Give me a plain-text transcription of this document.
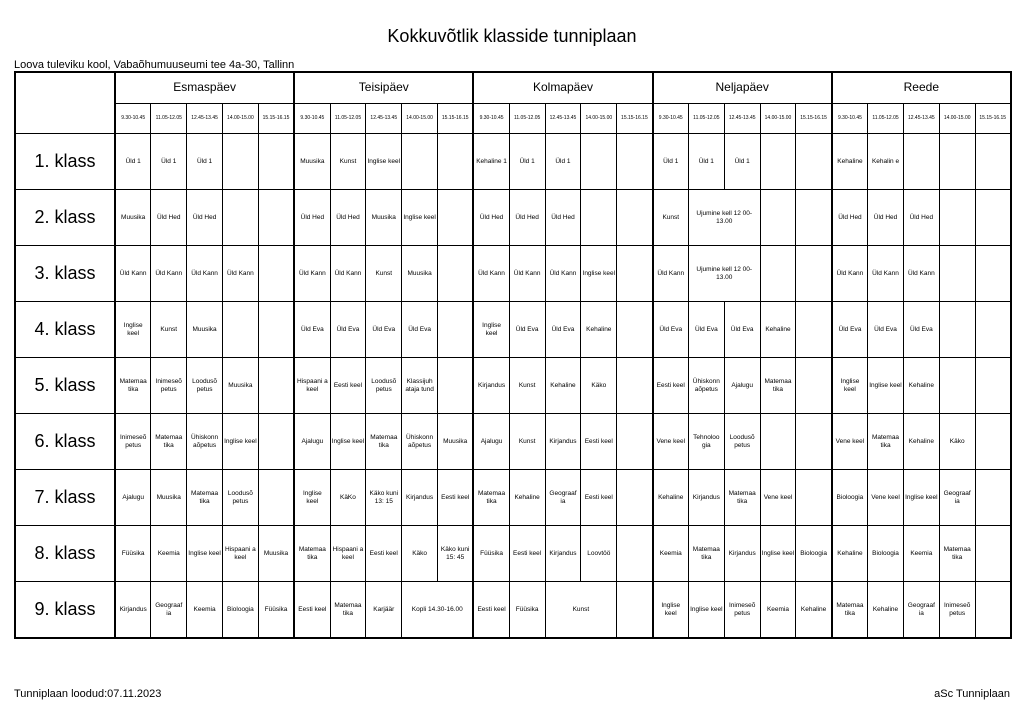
Kokkuvõtlik klasside tunniplaan
Loova tuleviku kool, Vabaõhumuuseumi tee 4a-30, Tallinn
	Esmaspäev					Teisipäev					Kolmapäev					Neljapäev					Reede				
	9.30-10.45	11.05-12.05	12.45-13.45	14.00-15.00	15.15-16.15	9.30-10.45	11.05-12.05	12.45-13.45	14.00-15.00	15.15-16.15	9.30-10.45	11.05-12.05	12.45-13.45	14.00-15.00	15.15-16.15	9.30-10.45	11.05-12.05	12.45-13.45	14.00-15.00	15.15-16.15	9.30-10.45	11.05-12.05	12.45-13.45	14.00-15.00	15.15-16.15
1. klass	Üld 1	Üld 1	Üld 1			Muusika	Kunst	Inglise keel			Kehaline 1	Üld 1	Üld 1			Üld 1	Üld 1	Üld 1			Kehaline	Kehalin e			
2. klass	Muusika	Üld Hed	Üld Hed			Üld Hed	Üld Hed	Muusika	Inglise keel		Üld Hed	Üld Hed	Üld Hed			Kunst	Ujumine kell 12 00-13.00				Üld Hed	Üld Hed	Üld Hed		
3. klass	Üld Kann	Üld Kann	Üld Kann	Üld Kann		Üld Kann	Üld Kann	Kunst	Muusika		Üld Kann	Üld Kann	Üld Kann	Inglise keel		Üld Kann	Ujumine kell 12 00-13.00				Üld Kann	Üld Kann	Üld Kann		
4. klass	Inglise keel	Kunst	Muusika			Üld Eva	Üld Eva	Üld Eva	Üld Eva		Inglise keel	Üld Eva	Üld Eva	Kehaline		Üld Eva	Üld Eva	Üld Eva	Kehaline		Üld Eva	Üld Eva	Üld Eva		
5. klass	Matemaa tika	Inimeseõ petus	Loodusõ petus	Muusika		Hispaani a keel	Eesti keel	Loodusõ petus	Klassijuh ataja tund		Kirjandus	Kunst	Kehaline	Käko		Eesti keel	Ühiskonn aõpetus	Ajalugu	Matemaa tika		Inglise keel	Inglise keel	Kehaline		
6. klass	Inimeseõ petus	Matemaa tika	Ühiskonn aõpetus	Inglise keel		Ajalugu	Inglise keel	Matemaa tika	Ühiskonn aõpetus	Muusika	Ajalugu	Kunst	Kirjandus	Eesti keel		Vene keel	Tehnoloo gia	Loodusõ petus			Vene keel	Matemaa tika	Kehaline	Käko	
7. klass	Ajalugu	Muusika	Matemaa tika	Loodusõ petus		Inglise keel	KäKo	Käko kuni 13: 15	Kirjandus	Eesti keel	Matemaa tika	Kehaline	Geograaf ia	Eesti keel		Kehaline	Kirjandus	Matemaa tika	Vene keel		Bioloogia	Vene keel	Inglise keel	Geograaf ia	
8. klass	Füüsika	Keemia	Inglise keel	Hispaani a keel	Muusika	Matemaa tika	Hispaani a keel	Eesti keel	Käko	Käko kuni 15: 45	Füüsika	Eesti keel	Kirjandus	Loovtöö		Keemia	Matemaa tika	Kirjandus	Inglise keel	Bioloogia	Kehaline	Bioloogia	Keemia	Matemaa tika	
9. klass	Kirjandus	Geograaf ia	Keemia	Bioloogia	Füüsika	Eesti keel	Matemaa tika	Karjäär	Kopli 14.30-16.00		Eesti keel	Füüsika	Kunst			Inglise keel	Inglise keel	Inimeseõ petus	Keemia	Kehaline	Matemaa tika	Kehaline	Geograaf ia	Inimeseõ petus	
Tunniplaan loodud:07.11.2023	aSc Tunniplaan
